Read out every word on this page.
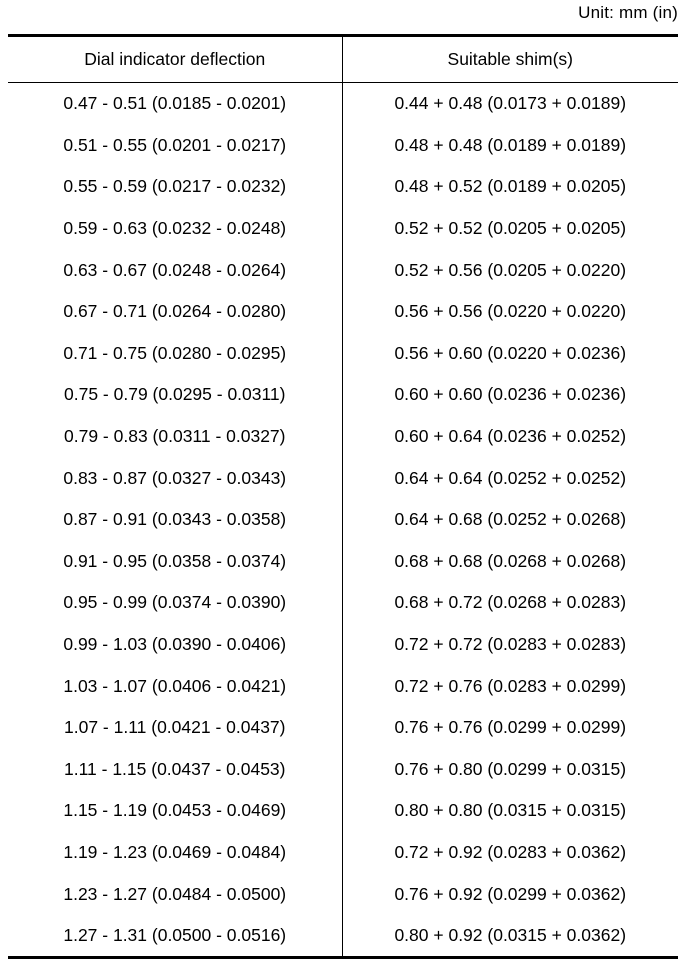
Unit: mm (in)
Dial indicator deflection	Suitable shim(s)
0.47 - 0.51 (0.0185 - 0.0201)	0.44 + 0.48 (0.0173 + 0.0189)
0.51 - 0.55 (0.0201 - 0.0217)	0.48 + 0.48 (0.0189 + 0.0189)
0.55 - 0.59 (0.0217 - 0.0232)	0.48 + 0.52 (0.0189 + 0.0205)
0.59 - 0.63 (0.0232 - 0.0248)	0.52 + 0.52 (0.0205 + 0.0205)
0.63 - 0.67 (0.0248 - 0.0264)	0.52 + 0.56 (0.0205 + 0.0220)
0.67 - 0.71 (0.0264 - 0.0280)	0.56 + 0.56 (0.0220 + 0.0220)
0.71 - 0.75 (0.0280 - 0.0295)	0.56 + 0.60 (0.0220 + 0.0236)
0.75 - 0.79 (0.0295 - 0.0311)	0.60 + 0.60 (0.0236 + 0.0236)
0.79 - 0.83 (0.0311 - 0.0327)	0.60 + 0.64 (0.0236 + 0.0252)
0.83 - 0.87 (0.0327 - 0.0343)	0.64 + 0.64 (0.0252 + 0.0252)
0.87 - 0.91 (0.0343 - 0.0358)	0.64 + 0.68 (0.0252 + 0.0268)
0.91 - 0.95 (0.0358 - 0.0374)	0.68 + 0.68 (0.0268 + 0.0268)
0.95 - 0.99 (0.0374 - 0.0390)	0.68 + 0.72 (0.0268 + 0.0283)
0.99 - 1.03 (0.0390 - 0.0406)	0.72 + 0.72 (0.0283 + 0.0283)
1.03 - 1.07 (0.0406 - 0.0421)	0.72 + 0.76 (0.0283 + 0.0299)
1.07 - 1.11 (0.0421 - 0.0437)	0.76 + 0.76 (0.0299 + 0.0299)
1.11 - 1.15 (0.0437 - 0.0453)	0.76 + 0.80 (0.0299 + 0.0315)
1.15 - 1.19 (0.0453 - 0.0469)	0.80 + 0.80 (0.0315 + 0.0315)
1.19 - 1.23 (0.0469 - 0.0484)	0.72 + 0.92 (0.0283 + 0.0362)
1.23 - 1.27 (0.0484 - 0.0500)	0.76 + 0.92 (0.0299 + 0.0362)
1.27 - 1.31 (0.0500 - 0.0516)	0.80 + 0.92 (0.0315 + 0.0362)
